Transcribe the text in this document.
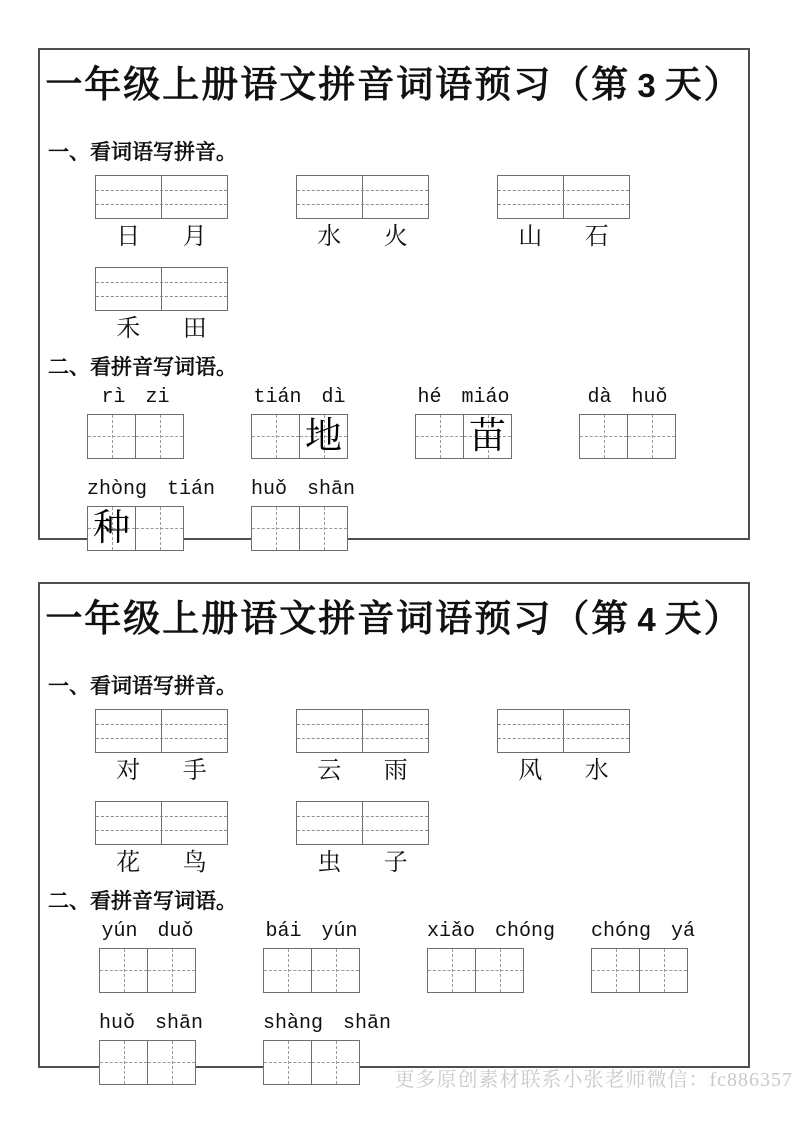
一年级上册语文拼音词语预习（第 3 天）
一、看词语写拼音。
日	月	水	火	山	石
禾	田
二、看拼音写词语。
rì zi	tián dì
地
hé miáo
苗
dà huǒ
zhòng tián
种
huǒ shān
一年级上册语文拼音词语预习（第 4 天）
一、看词语写拼音。
对	手	云	雨	风	水
花	鸟	虫	子
二、看拼音写词语。
yún duǒ	bái yún	xiǎo chóng chóng yá
huǒ shān	shàng shān
更多原创素材联系小张老师微信：fc886357
